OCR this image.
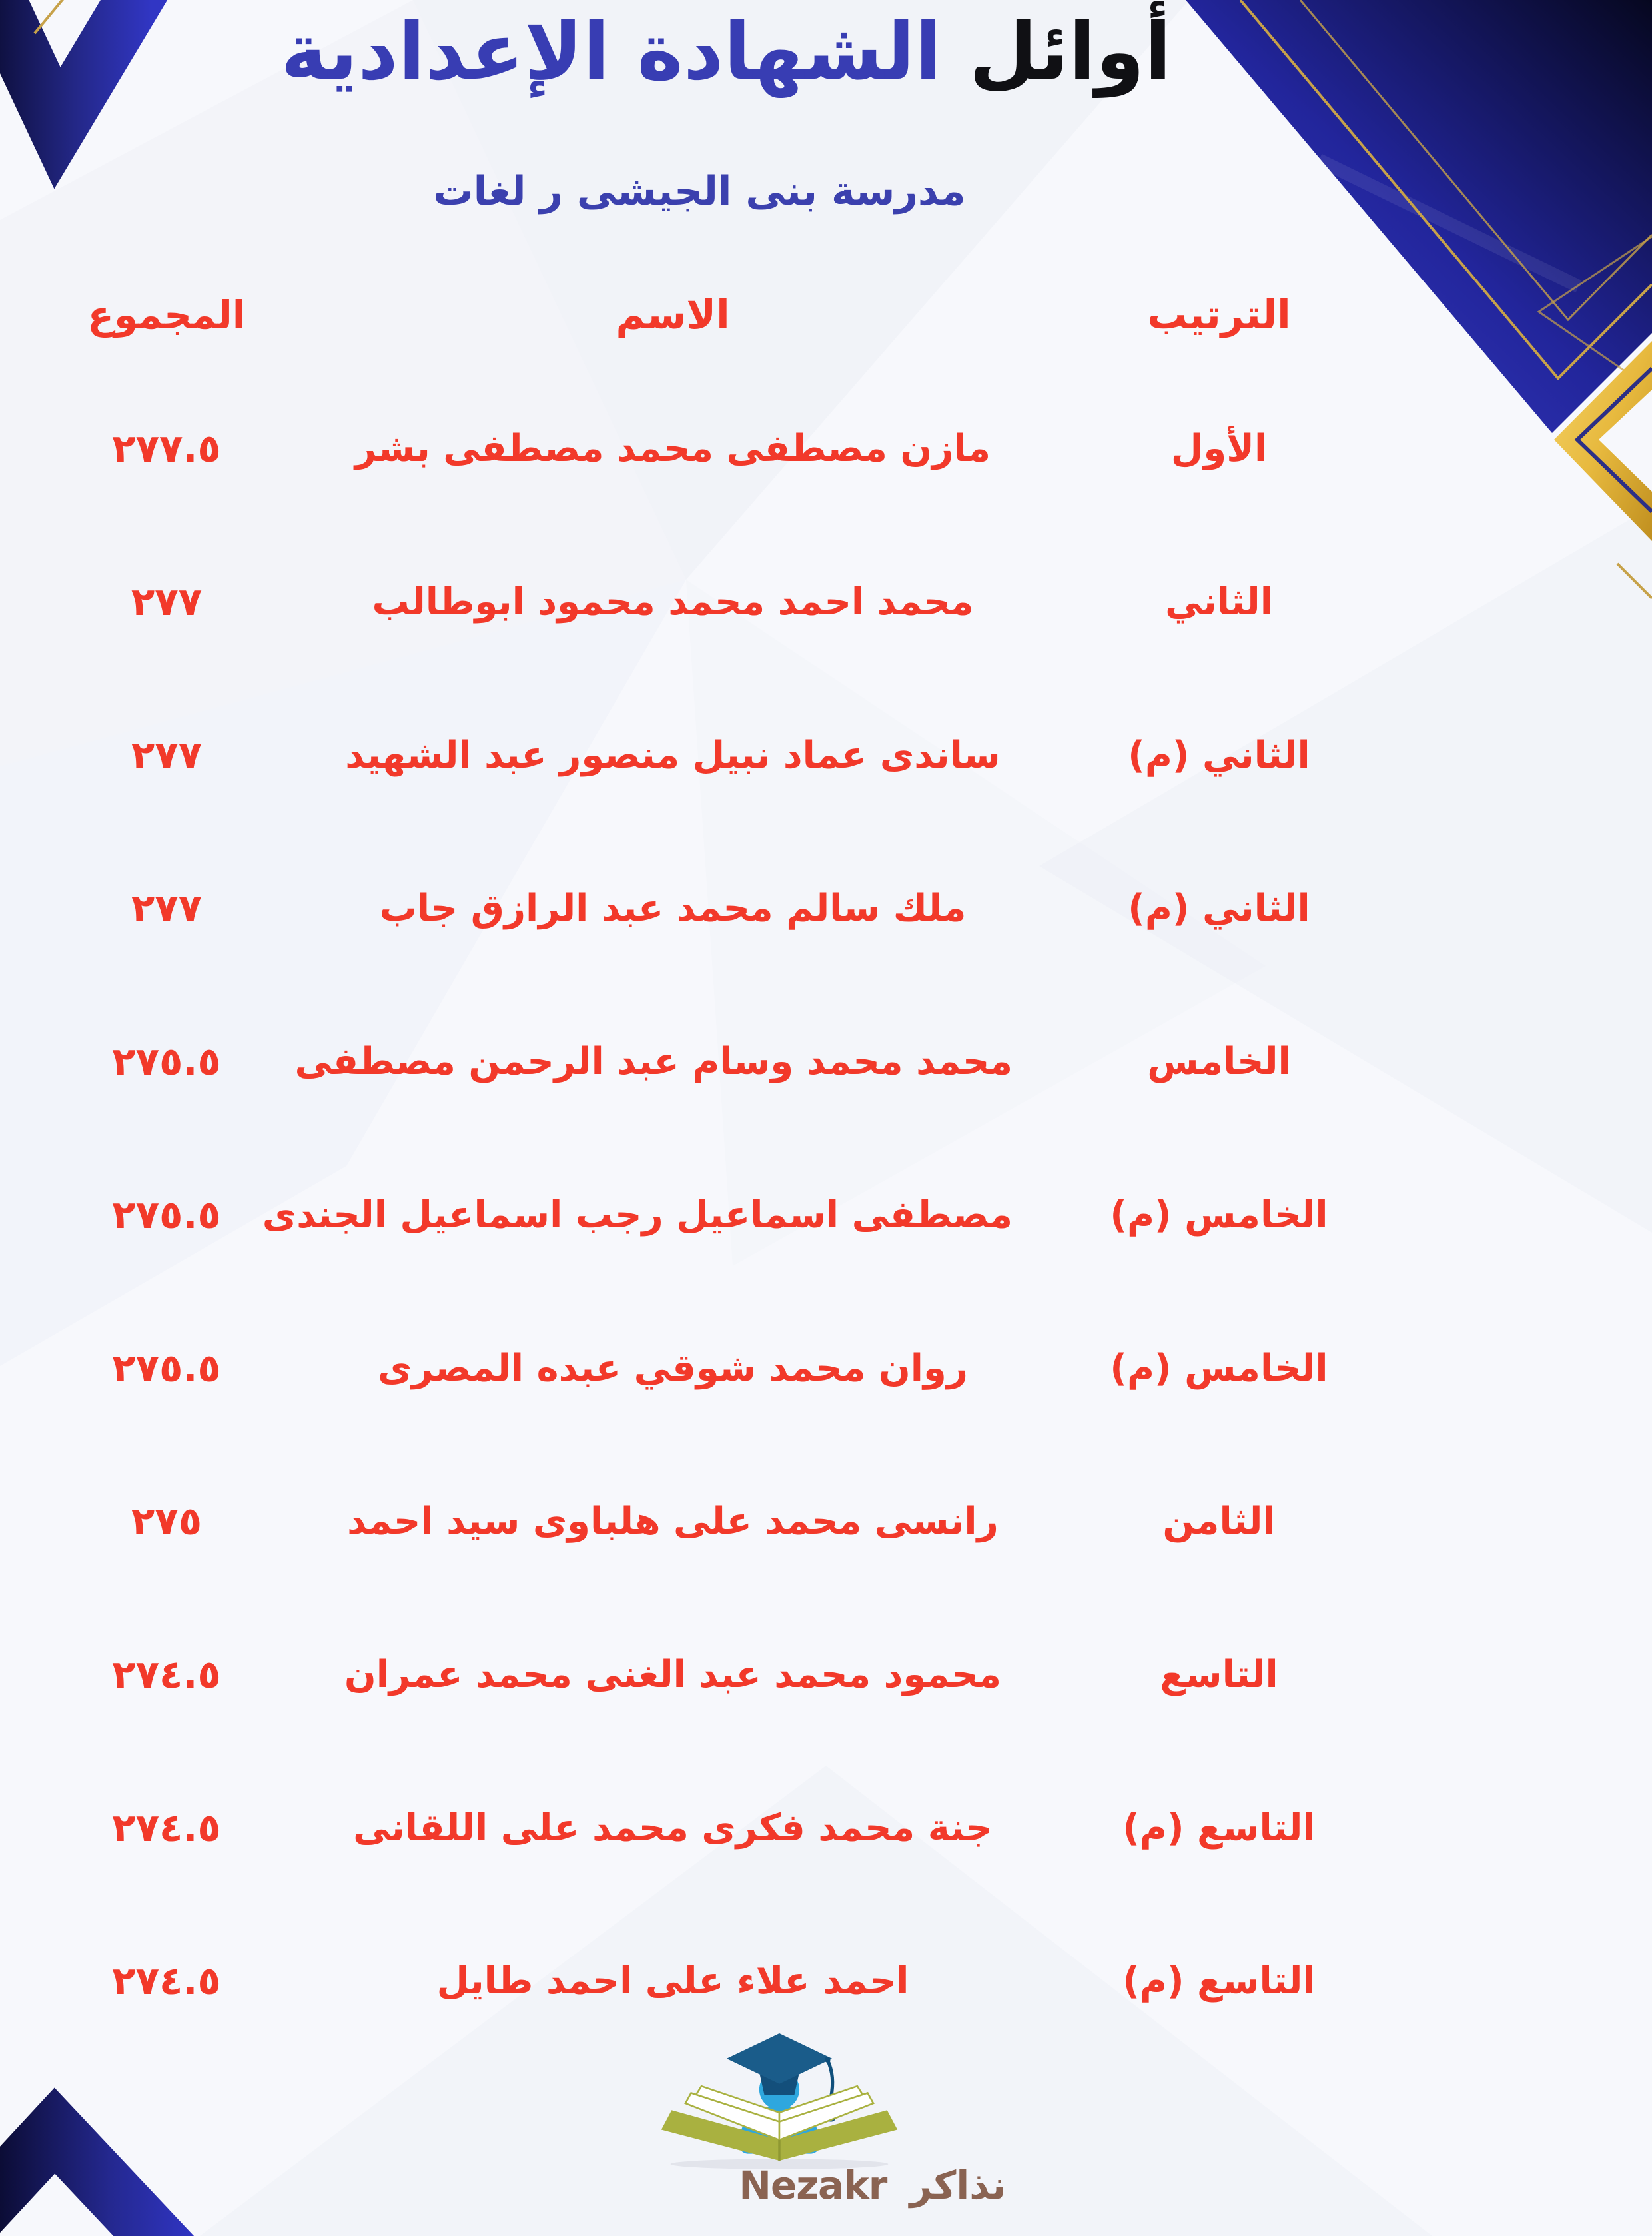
أوائل الشهادة الإعدادية
مدرسة بنى الجيشى ر لغات
الترتيب
الاسم
المجموع
الأول
مازن مصطفى محمد مصطفى بشر
٢٧٧.٥
الثاني
محمد احمد محمد محمود ابوطالب
٢٧٧
الثاني (م)
ساندى عماد نبيل منصور عبد الشهيد
٢٧٧
الثاني (م)
ملك سالم محمد عبد الرازق جاب
٢٧٧
الخامس
محمد محمد وسام عبد الرحمن مصطفى
٢٧٥.٥
الخامس (م)
مصطفى اسماعيل رجب اسماعيل الجندى
٢٧٥.٥
الخامس (م)
روان محمد شوقي عبده المصرى
٢٧٥.٥
الثامن
رانسى محمد على هلباوى سيد احمد
٢٧٥
التاسع
محمود محمد عبد الغنى محمد عمران
٢٧٤.٥
التاسع (م)
جنة محمد فكرى محمد على اللقانى
٢٧٤.٥
التاسع (م)
احمد علاء على احمد طايل
٢٧٤.٥
Nezakr نذاكر
